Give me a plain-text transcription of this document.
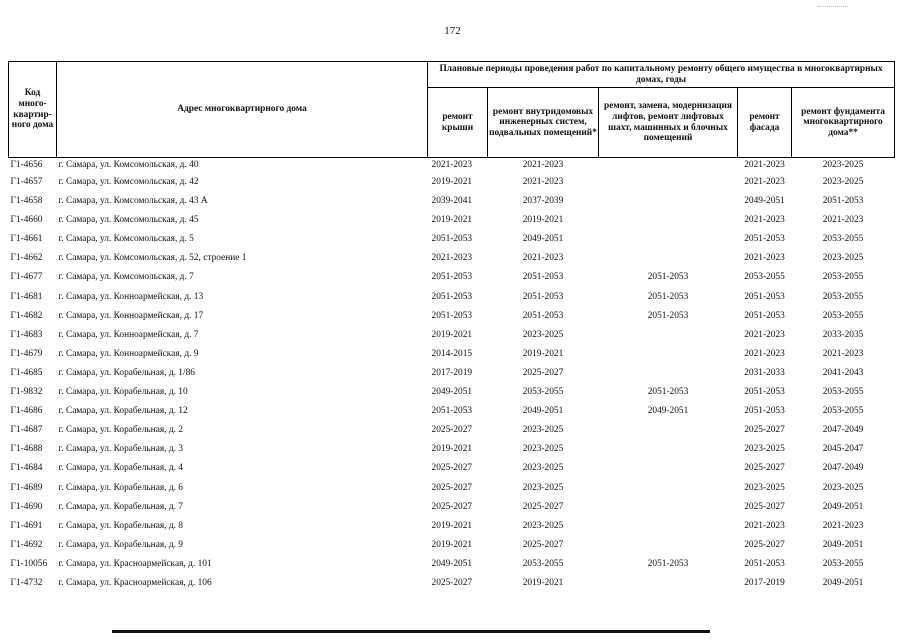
172
Код много-квартир-ного дома	Адрес многоквартирного дома	Плановые периоды проведения работ по капитальному ремонту общего имущества в многоквартирных домах, годы				
		ремонт крыши	ремонт внутридомовых инженерных систем, подвальных помещений*	ремонт, замена, модернизация лифтов, ремонт лифтовых шахт, машинных и блочных помещений	ремонт фасада	ремонт фундамента многоквартирного дома**
Г1-4656	г. Самара, ул. Комсомольская, д. 40	2021-2023	2021-2023		2021-2023	2023-2025
Г1-4657	г. Самара, ул. Комсомольская, д. 42	2019-2021	2021-2023		2021-2023	2023-2025
Г1-4658	г. Самара, ул. Комсомольская, д. 43 А	2039-2041	2037-2039		2049-2051	2051-2053
Г1-4660	г. Самара, ул. Комсомольская, д. 45	2019-2021	2019-2021		2021-2023	2021-2023
Г1-4661	г. Самара, ул. Комсомольская, д. 5	2051-2053	2049-2051		2051-2053	2053-2055
Г1-4662	г. Самара, ул. Комсомольская, д. 52, строение 1	2021-2023	2021-2023		2021-2023	2023-2025
Г1-4677	г. Самара, ул. Комсомольская, д. 7	2051-2053	2051-2053	2051-2053	2053-2055	2053-2055
Г1-4681	г. Самара, ул. Конноармейская, д. 13	2051-2053	2051-2053	2051-2053	2051-2053	2053-2055
Г1-4682	г. Самара, ул. Конноармейская, д. 17	2051-2053	2051-2053	2051-2053	2051-2053	2053-2055
Г1-4683	г. Самара, ул. Конноармейская, д. 7	2019-2021	2023-2025		2021-2023	2033-2035
Г1-4679	г. Самара, ул. Конноармейская, д. 9	2014-2015	2019-2021		2021-2023	2021-2023
Г1-4685	г. Самара, ул. Корабельная, д. 1/86	2017-2019	2025-2027		2031-2033	2041-2043
Г1-9832	г. Самара, ул. Корабельная, д. 10	2049-2051	2053-2055	2051-2053	2051-2053	2053-2055
Г1-4686	г. Самара, ул. Корабельная, д. 12	2051-2053	2049-2051	2049-2051	2051-2053	2053-2055
Г1-4687	г. Самара, ул. Корабельная, д. 2	2025-2027	2023-2025		2025-2027	2047-2049
Г1-4688	г. Самара, ул. Корабельная, д. 3	2019-2021	2023-2025		2023-2025	2045-2047
Г1-4684	г. Самара, ул. Корабельная, д. 4	2025-2027	2023-2025		2025-2027	2047-2049
Г1-4689	г. Самара, ул. Корабельная, д. 6	2025-2027	2023-2025		2023-2025	2023-2025
Г1-4690	г. Самара, ул. Корабельная, д. 7	2025-2027	2025-2027		2025-2027	2049-2051
Г1-4691	г. Самара, ул. Корабельная, д. 8	2019-2021	2023-2025		2021-2023	2021-2023
Г1-4692	г. Самара, ул. Корабельная, д. 9	2019-2021	2025-2027		2025-2027	2049-2051
Г1-10056	г. Самара, ул. Красноармейская, д. 101	2049-2051	2053-2055	2051-2053	2051-2053	2053-2055
Г1-4732	г. Самара, ул. Красноармейская, д. 106	2025-2027	2019-2021		2017-2019	2049-2051
